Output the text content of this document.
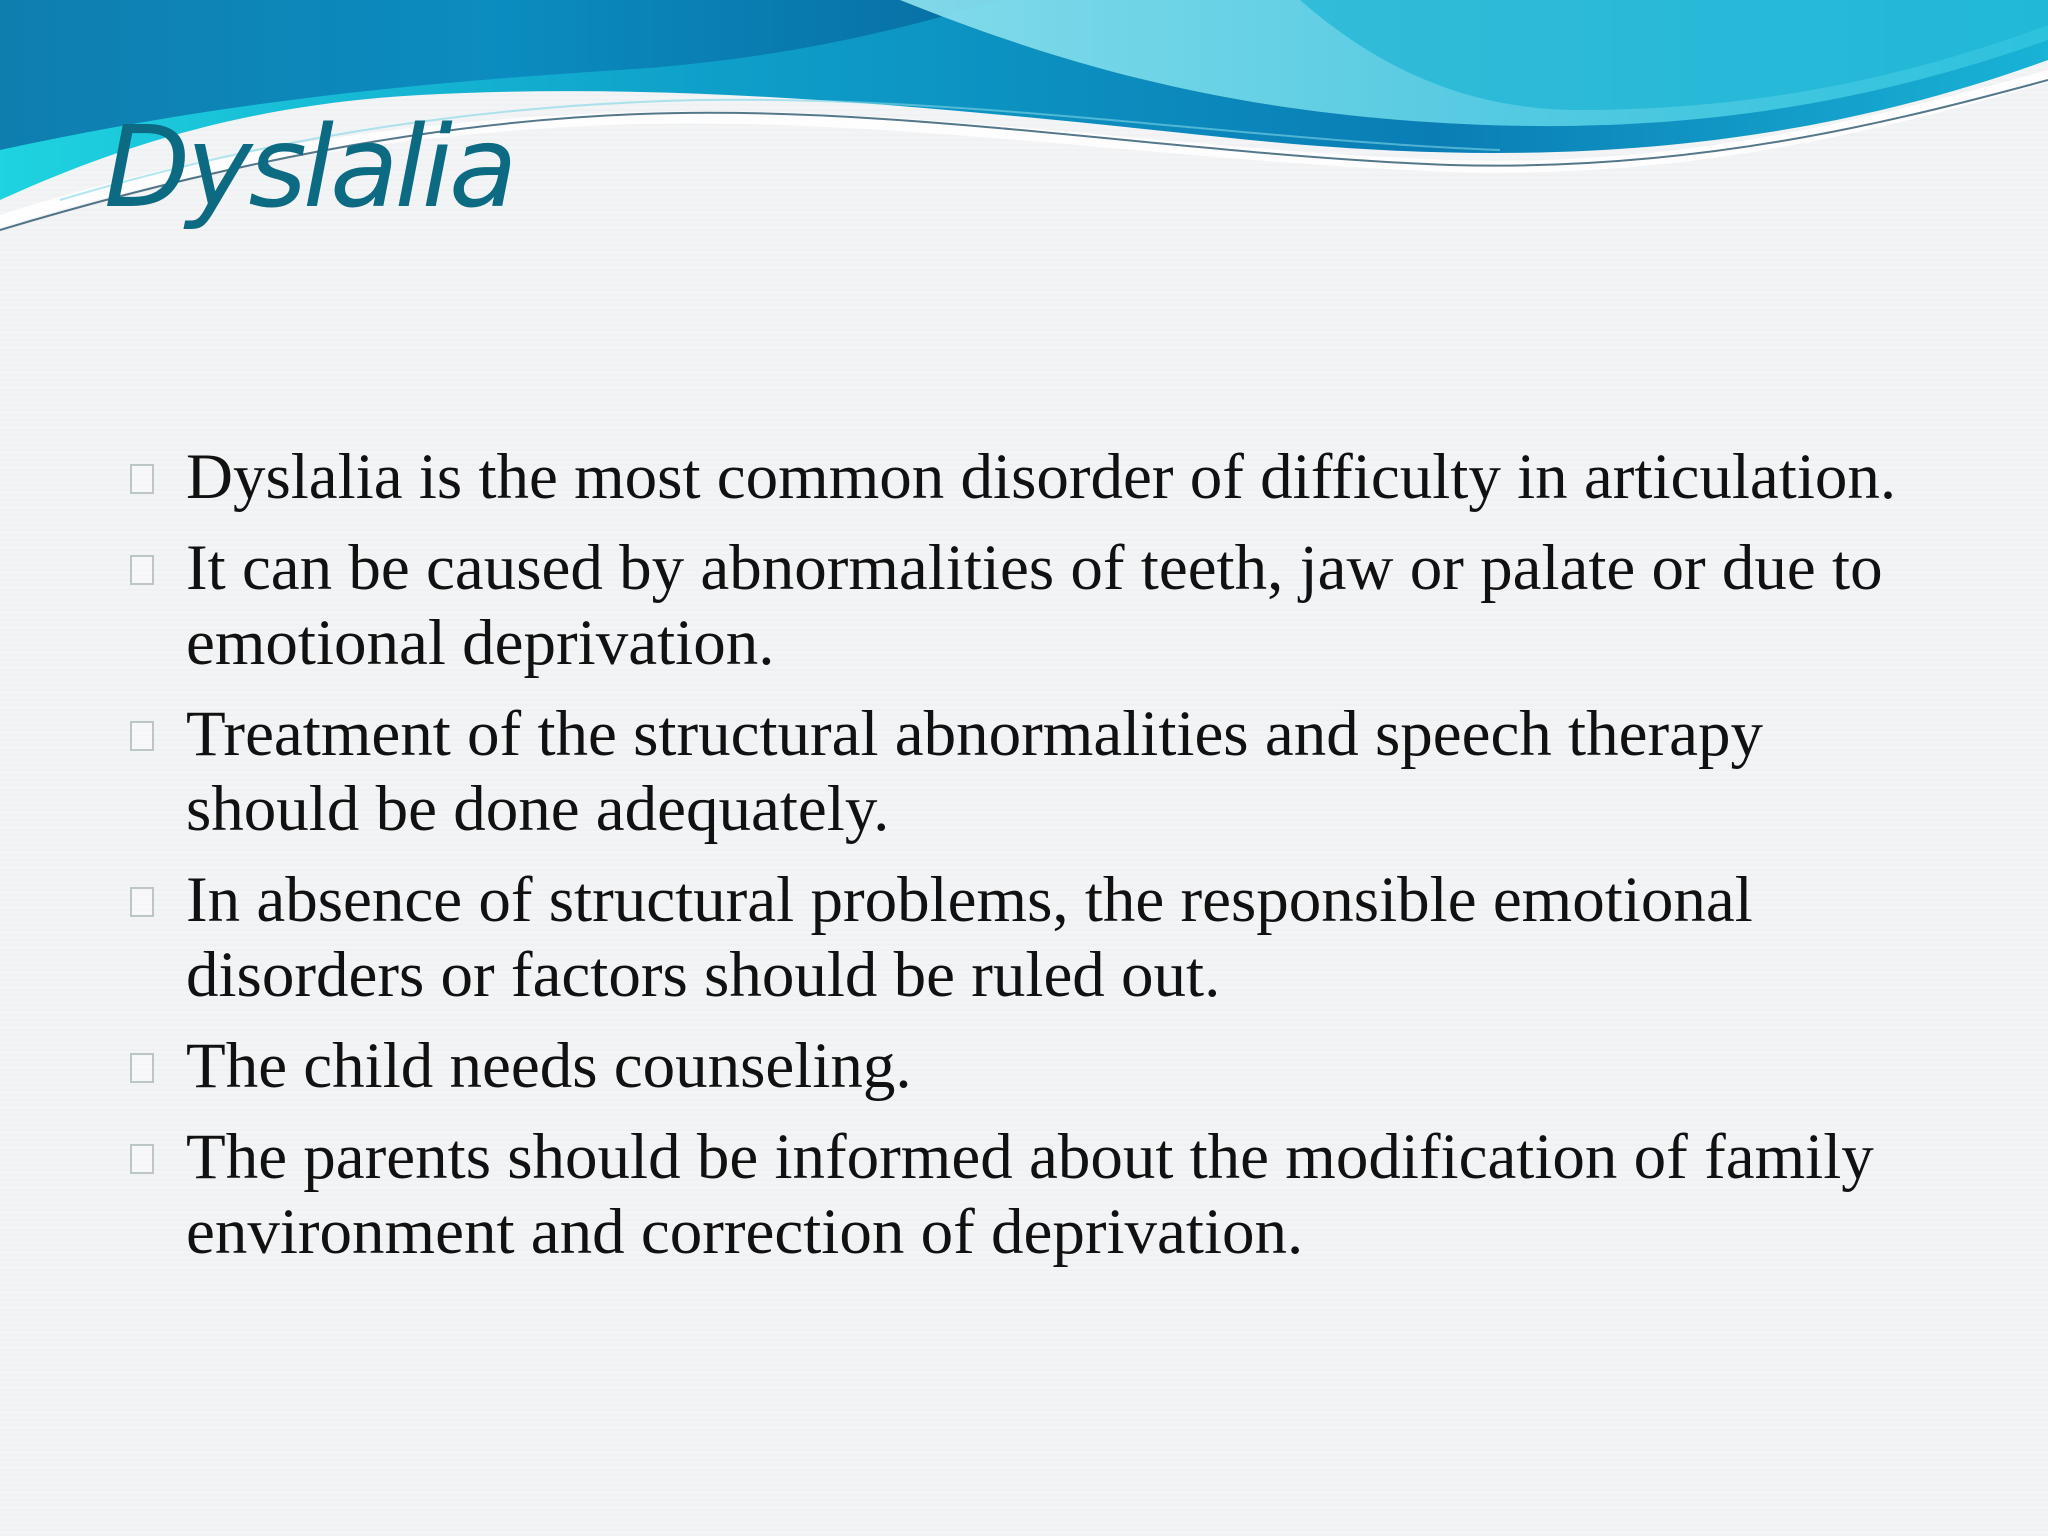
Dyslalia
Dyslalia is the most common disorder of difficulty in articulation.
It can be caused by abnormalities of teeth, jaw or palate or due to emotional deprivation.
Treatment of the structural abnormalities and speech therapy should be done adequately.
In absence of structural problems, the responsible emotional disorders or factors should be ruled out.
The child needs counseling.
The parents should be informed about the modification of family environment and correction of deprivation.
